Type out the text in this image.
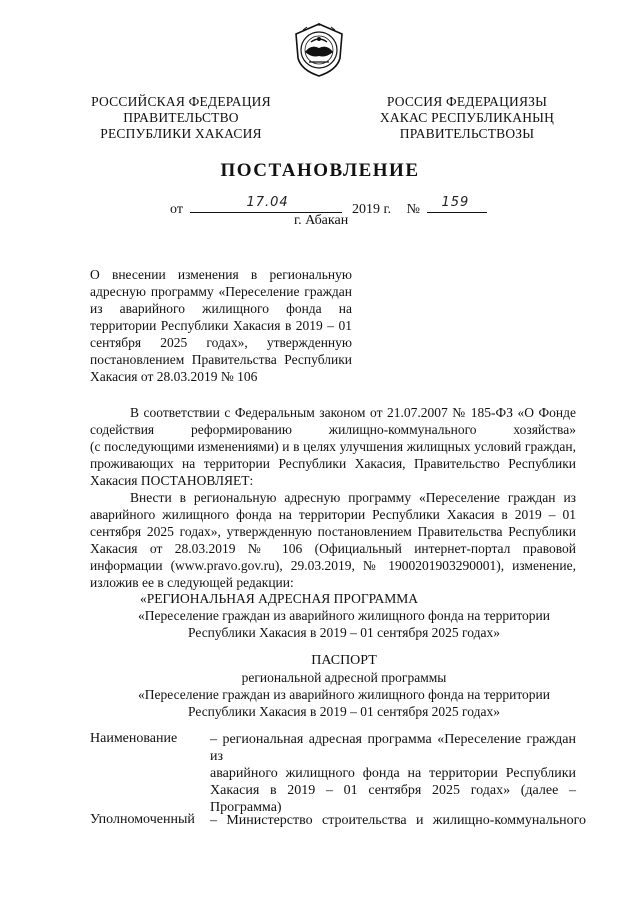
РОССИЙСКАЯ ФЕДЕРАЦИЯ
ПРАВИТЕЛЬСТВО
РЕСПУБЛИКИ ХАКАСИЯ
РОССИЯ ФЕДЕРАЦИЯЗЫ
ХАКАС РЕСПУБЛИКАНЫҢ
ПРАВИТЕЛЬСТВОЗЫ
ПОСТАНОВЛЕНИЕ
от	17.04	2019 г. № 159
г. Абакан
О внесении изменения в региональную
адресную программу «Переселение граждан
из аварийного жилищного фонда на
территории Республики Хакасия в 2019 – 01
сентября 2025 годах», утвержденную
постановлением Правительства Республики
Хакасия от 28.03.2019 № 106
В соответствии с Федеральным законом от 21.07.2007 № 185-ФЗ «О Фонде
содействия реформированию жилищно-коммунального хозяйства»
(с последующими изменениями) и в целях улучшения жилищных условий граждан,
проживающих на территории Республики Хакасия, Правительство Республики
Хакасия ПОСТАНОВЛЯЕТ:
Внести в региональную адресную программу «Переселение граждан из
аварийного жилищного фонда на территории Республики Хакасия в 2019 – 01
сентября 2025 годах», утвержденную постановлением Правительства Республики
Хакасия от 28.03.2019 № 106 (Официальный интернет-портал правовой
информации (www.pravo.gov.ru), 29.03.2019, № 1900201903290001), изменение,
изложив ее в следующей редакции:
«РЕГИОНАЛЬНАЯ АДРЕСНАЯ ПРОГРАММА
«Переселение граждан из аварийного жилищного фонда на территории
Республики Хакасия в 2019 – 01 сентября 2025 годах»
ПАСПОРТ
региональной адресной программы
«Переселение граждан из аварийного жилищного фонда на территории
Республики Хакасия в 2019 – 01 сентября 2025 годах»
Наименование – региональная адресная программа «Переселение граждан из
аварийного жилищного фонда на территории Республики
Хакасия в 2019 – 01 сентября 2025 годах» (далее –
Программа)
Уполномоченный – Министерство строительства и жилищно-коммунального
